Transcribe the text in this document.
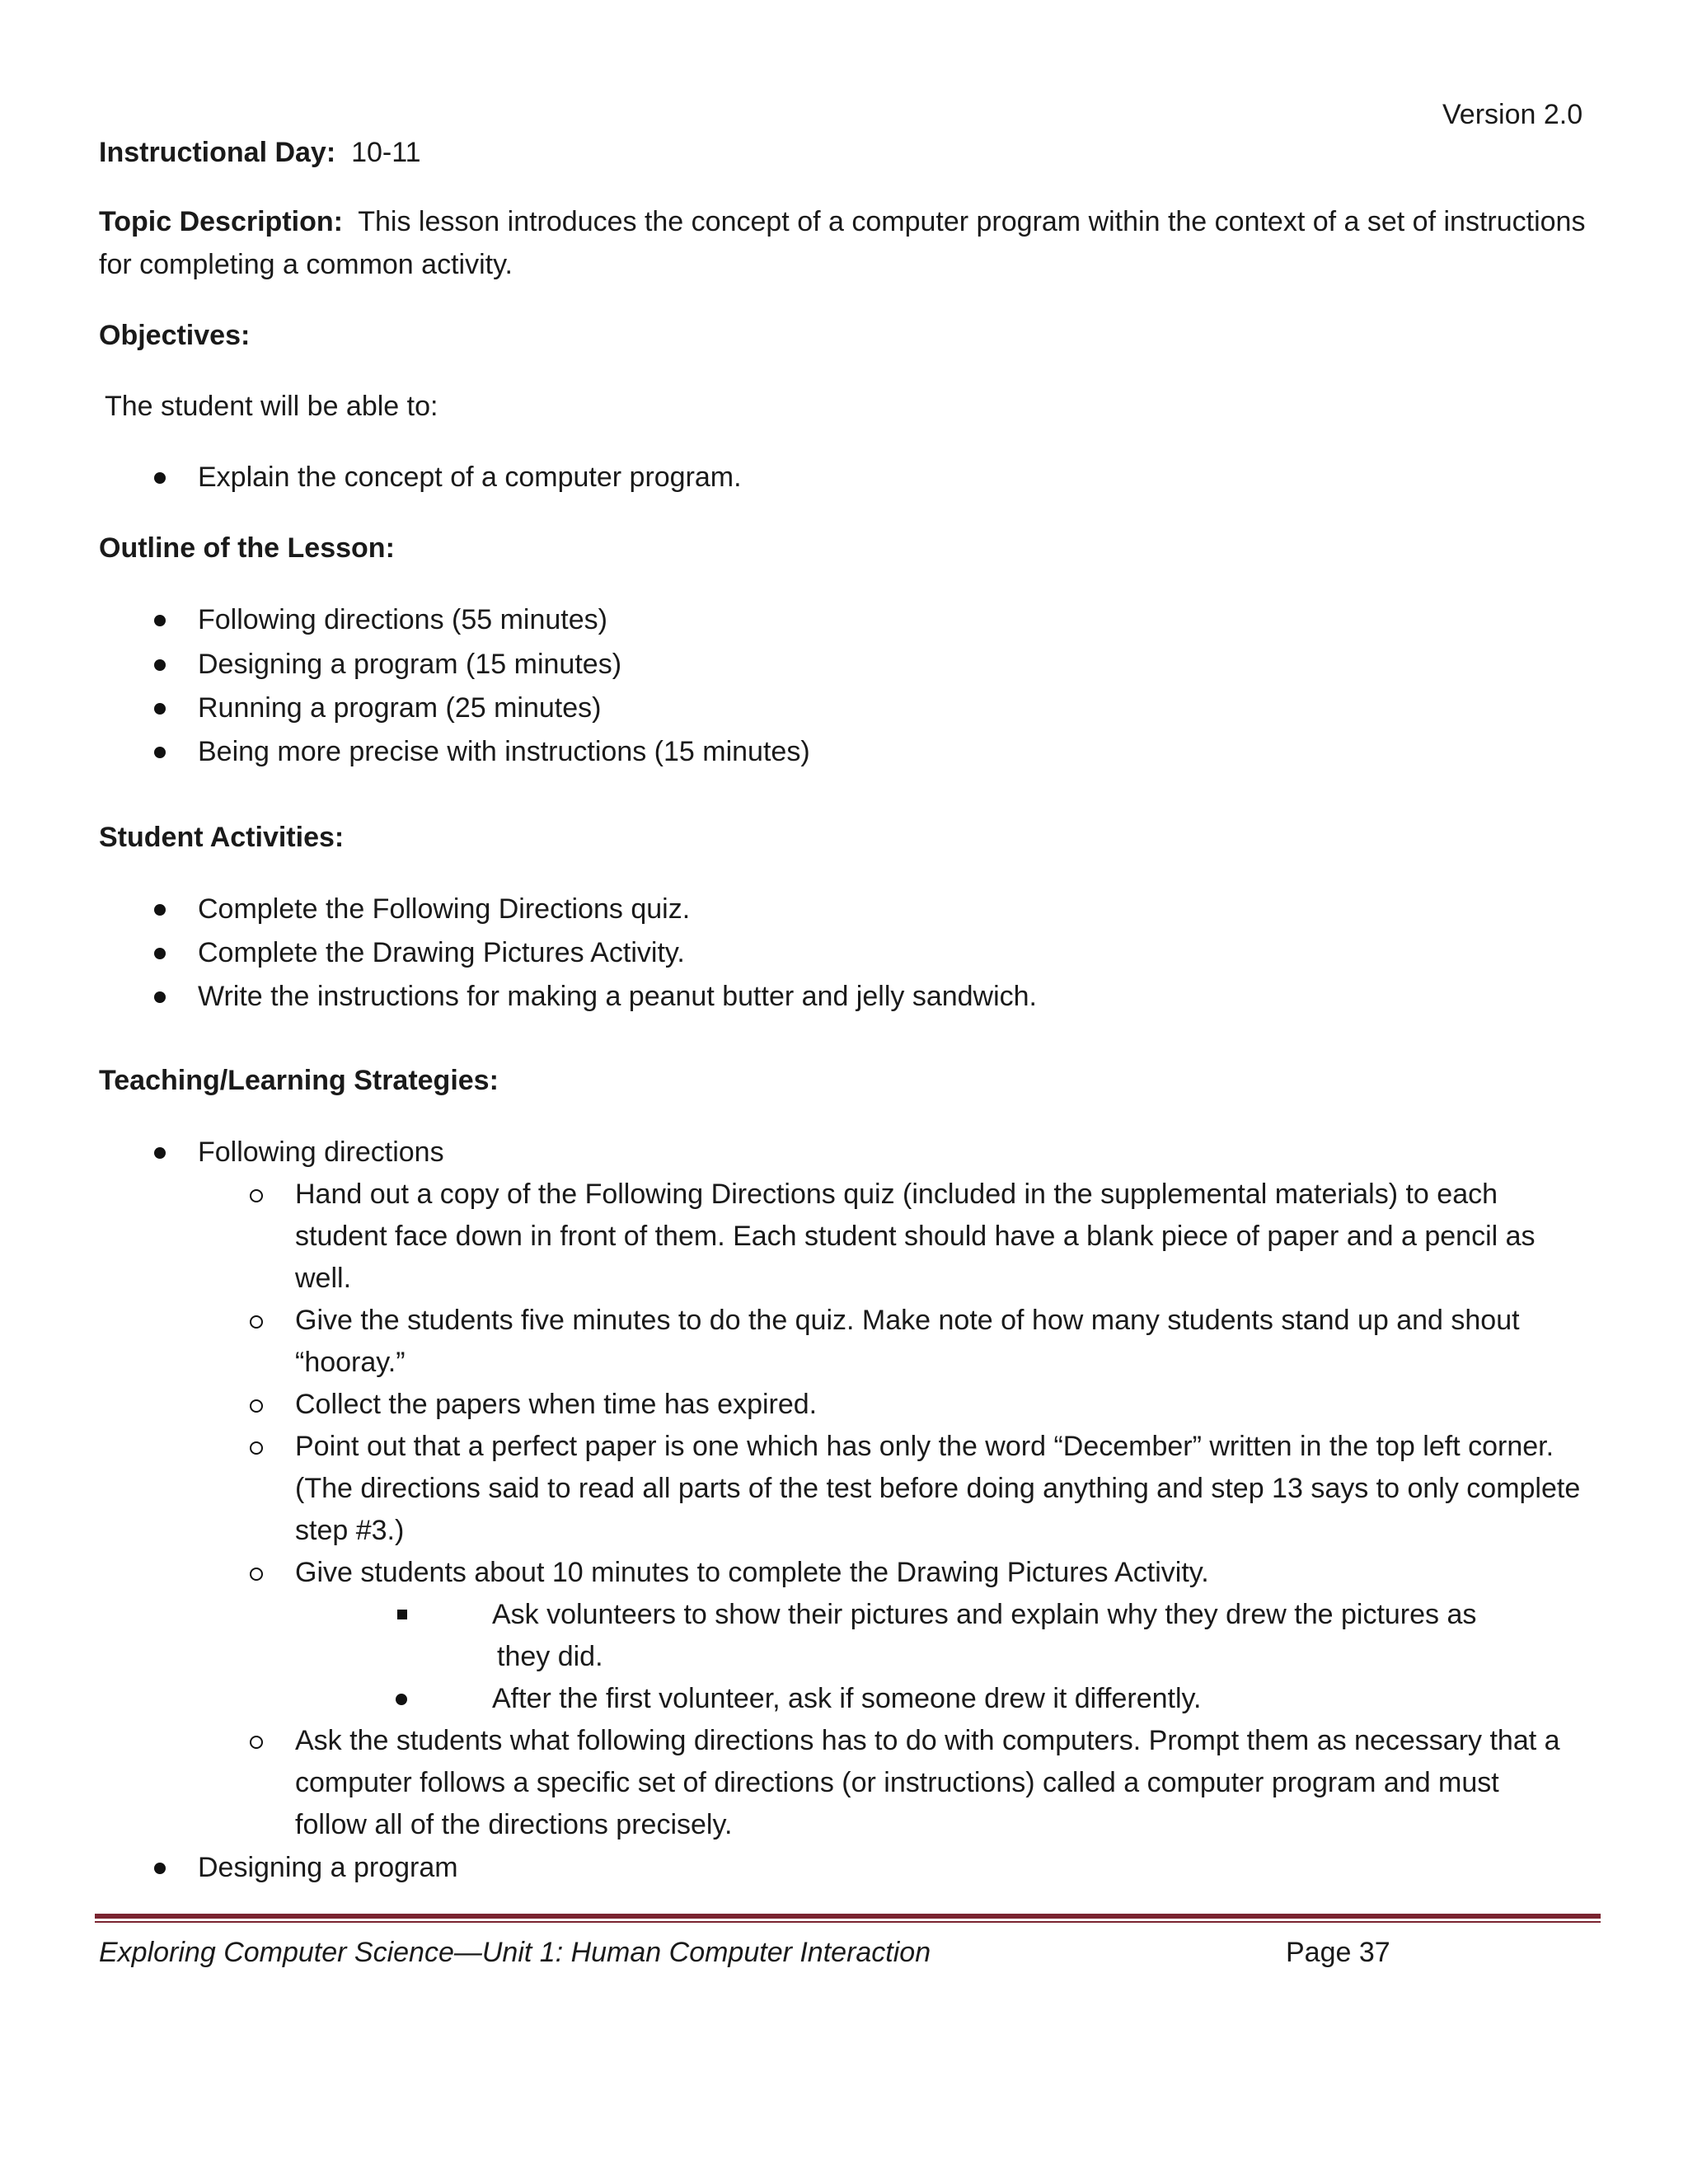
Version 2.0
Instructional Day: 10-11
Topic Description: This lesson introduces the concept of a computer program within the context of a set of instructions
for completing a common activity.
Objectives:
The student will be able to:
Explain the concept of a computer program.
Outline of the Lesson:
Following directions (55 minutes)
Designing a program (15 minutes)
Running a program (25 minutes)
Being more precise with instructions (15 minutes)
Student Activities:
Complete the Following Directions quiz.
Complete the Drawing Pictures Activity.
Write the instructions for making a peanut butter and jelly sandwich.
Teaching/Learning Strategies:
Following directions
Hand out a copy of the Following Directions quiz (included in the supplemental materials) to each
student face down in front of them. Each student should have a blank piece of paper and a pencil as
well.
Give the students five minutes to do the quiz. Make note of how many students stand up and shout
“hooray.”
Collect the papers when time has expired.
Point out that a perfect paper is one which has only the word “December” written in the top left corner.
(The directions said to read all parts of the test before doing anything and step 13 says to only complete
step #3.)
Give students about 10 minutes to complete the Drawing Pictures Activity.
Ask volunteers to show their pictures and explain why they drew the pictures as
they did.
After the first volunteer, ask if someone drew it differently.
Ask the students what following directions has to do with computers. Prompt them as necessary that a
computer follows a specific set of directions (or instructions) called a computer program and must
follow all of the directions precisely.
Designing a program
Exploring Computer Science—Unit 1: Human Computer Interaction	Page 37
